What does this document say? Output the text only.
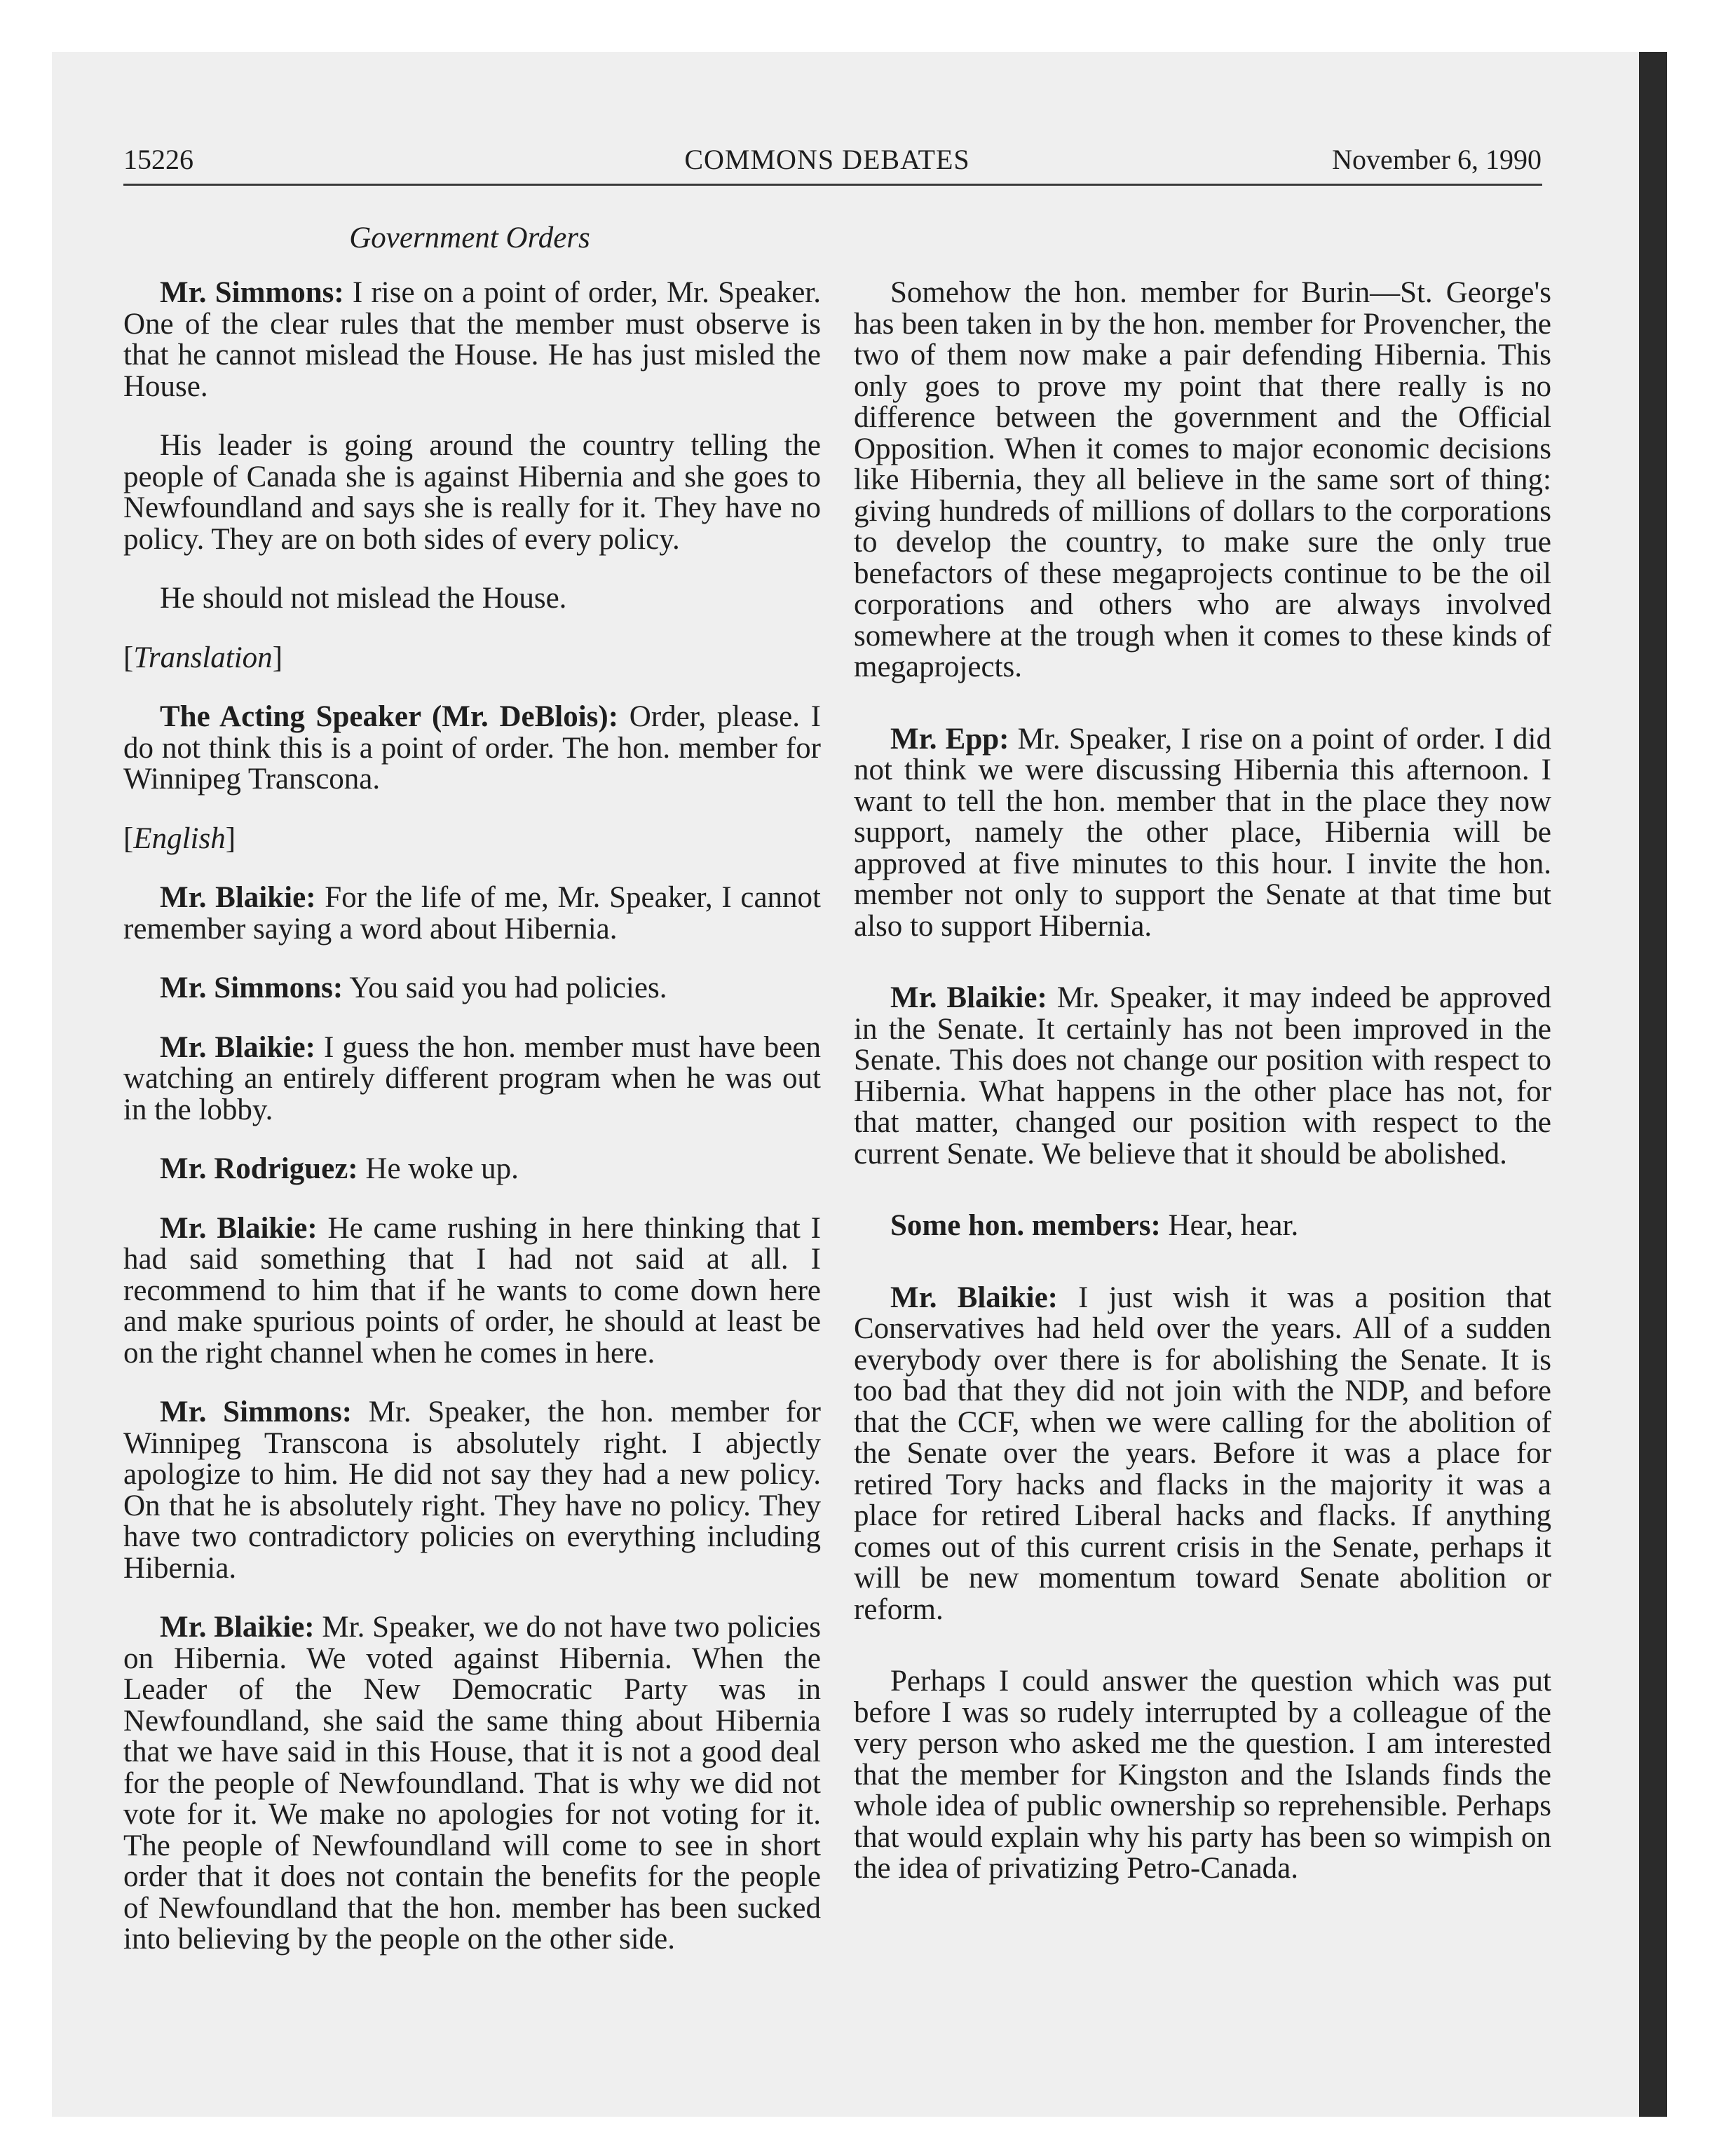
15226	COMMONS DEBATES	November 6, 1990
Government Orders

Mr. Simmons: I rise on a point of order, Mr. Speaker. One of the clear rules that the member must observe is that he cannot mislead the House. He has just misled the House.

His leader is going around the country telling the people of Canada she is against Hibernia and she goes to Newfoundland and says she is really for it. They have no policy. They are on both sides of every policy.

He should not mislead the House.

[Translation]

The Acting Speaker (Mr. DeBlois): Order, please. I do not think this is a point of order. The hon. member for Winnipeg Transcona.

[English]

Mr. Blaikie: For the life of me, Mr. Speaker, I cannot remember saying a word about Hibernia.

Mr. Simmons: You said you had policies.

Mr. Blaikie: I guess the hon. member must have been watching an entirely different program when he was out in the lobby.

Mr. Rodriguez: He woke up.

Mr. Blaikie: He came rushing in here thinking that I had said something that I had not said at all. I recommend to him that if he wants to come down here and make spurious points of order, he should at least be on the right channel when he comes in here.

Mr. Simmons: Mr. Speaker, the hon. member for Winnipeg Transcona is absolutely right. I abjectly apologize to him. He did not say they had a new policy. On that he is absolutely right. They have no policy. They have two contradictory policies on everything including Hibernia.

Mr. Blaikie: Mr. Speaker, we do not have two policies on Hibernia. We voted against Hibernia. When the Leader of the New Democratic Party was in Newfoundland, she said the same thing about Hibernia that we have said in this House, that it is not a good deal for the people of Newfoundland. That is why we did not vote for it. We make no apologies for not voting for it. The people of Newfoundland will come to see in short order that it does not contain the benefits for the people of Newfoundland that the hon. member has been sucked into believing by the people on the other side.

Somehow the hon. member for Burin—St. George's has been taken in by the hon. member for Provencher, the two of them now make a pair defending Hibernia. This only goes to prove my point that there really is no difference between the government and the Official Opposition. When it comes to major economic decisions like Hibernia, they all believe in the same sort of thing: giving hundreds of millions of dollars to the corporations to develop the country, to make sure the only true benefactors of these megaprojects continue to be the oil corporations and others who are always involved somewhere at the trough when it comes to these kinds of megaprojects.

Mr. Epp: Mr. Speaker, I rise on a point of order. I did not think we were discussing Hibernia this afternoon. I want to tell the hon. member that in the place they now support, namely the other place, Hibernia will be approved at five minutes to this hour. I invite the hon. member not only to support the Senate at that time but also to support Hibernia.

Mr. Blaikie: Mr. Speaker, it may indeed be approved in the Senate. It certainly has not been improved in the Senate. This does not change our position with respect to Hibernia. What happens in the other place has not, for that matter, changed our position with respect to the current Senate. We believe that it should be abolished.

Some hon. members: Hear, hear.

Mr. Blaikie: I just wish it was a position that Conservatives had held over the years. All of a sudden everybody over there is for abolishing the Senate. It is too bad that they did not join with the NDP, and before that the CCF, when we were calling for the abolition of the Senate over the years. Before it was a place for retired Tory hacks and flacks in the majority it was a place for retired Liberal hacks and flacks. If anything comes out of this current crisis in the Senate, perhaps it will be new momentum toward Senate abolition or reform.

Perhaps I could answer the question which was put before I was so rudely interrupted by a colleague of the very person who asked me the question. I am interested that the member for Kingston and the Islands finds the whole idea of public ownership so reprehensible. Perhaps that would explain why his party has been so wimpish on the idea of privatizing Petro-Canada.
